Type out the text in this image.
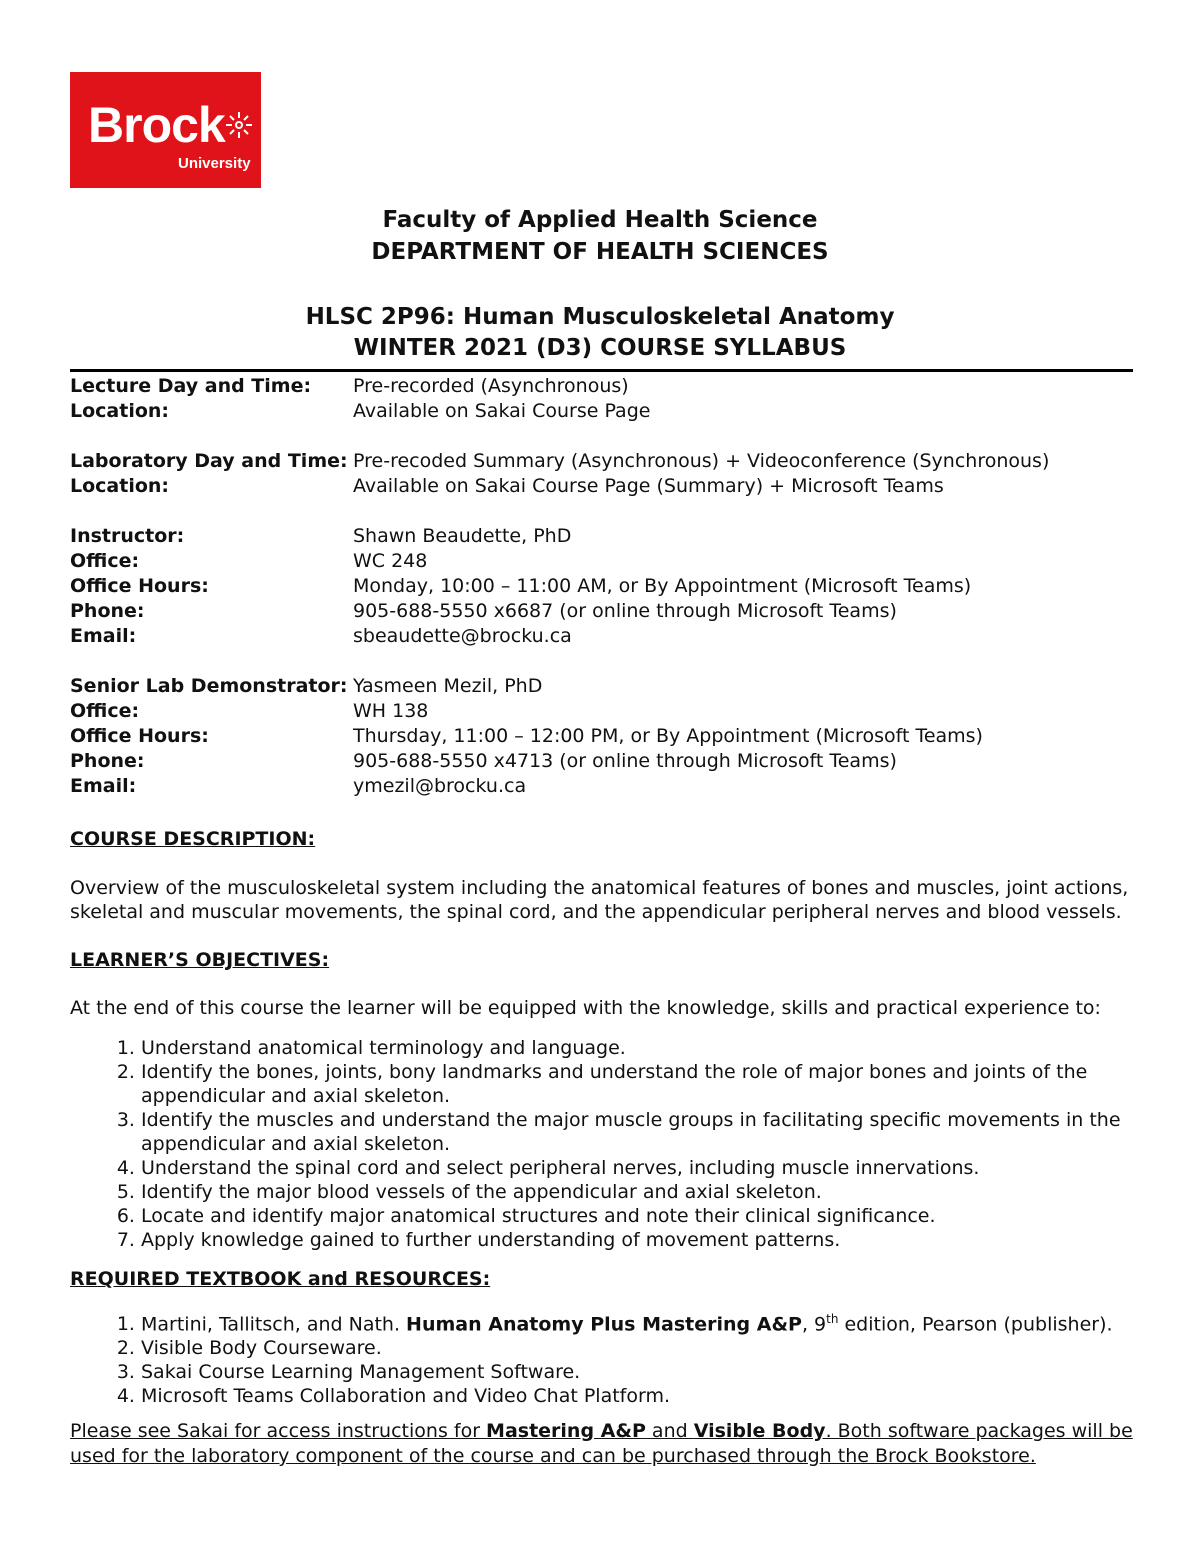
Brock
University
Faculty of Applied Health Science
DEPARTMENT OF HEALTH SCIENCES
HLSC 2P96: Human Musculoskeletal Anatomy
WINTER 2021 (D3) COURSE SYLLABUS
Lecture Day and Time:	Pre-recorded (Asynchronous)
Location:	Available on Sakai Course Page
Laboratory Day and Time: Pre-recoded Summary (Asynchronous) + Videoconference (Synchronous)
Location:	Available on Sakai Course Page (Summary) + Microsoft Teams
Instructor:	Shawn Beaudette, PhD
Office:	WC 248
Office Hours:	Monday, 10:00 – 11:00 AM, or By Appointment (Microsoft Teams)
Phone:	905-688-5550 x6687 (or online through Microsoft Teams)
Email:	sbeaudette@brocku.ca
Senior Lab Demonstrator: Yasmeen Mezil, PhD
Office:	WH 138
Office Hours:	Thursday, 11:00 – 12:00 PM, or By Appointment (Microsoft Teams)
Phone:	905-688-5550 x4713 (or online through Microsoft Teams)
Email:	ymezil@brocku.ca
COURSE DESCRIPTION:
Overview of the musculoskeletal system including the anatomical features of bones and muscles, joint actions, skeletal and muscular movements, the spinal cord, and the appendicular peripheral nerves and blood vessels.
LEARNER’S OBJECTIVES:
At the end of this course the learner will be equipped with the knowledge, skills and practical experience to:
1. Understand anatomical terminology and language.
2. Identify the bones, joints, bony landmarks and understand the role of major bones and joints of the appendicular and axial skeleton.
3. Identify the muscles and understand the major muscle groups in facilitating specific movements in the appendicular and axial skeleton.
4. Understand the spinal cord and select peripheral nerves, including muscle innervations.
5. Identify the major blood vessels of the appendicular and axial skeleton.
6. Locate and identify major anatomical structures and note their clinical significance.
7. Apply knowledge gained to further understanding of movement patterns.
REQUIRED TEXTBOOK and RESOURCES:
1. Martini, Tallitsch, and Nath. Human Anatomy Plus Mastering A&P, 9th edition, Pearson (publisher).
2. Visible Body Courseware.
3. Sakai Course Learning Management Software.
4. Microsoft Teams Collaboration and Video Chat Platform.
Please see Sakai for access instructions for Mastering A&P and Visible Body. Both software packages will be used for the laboratory component of the course and can be purchased through the Brock Bookstore.
